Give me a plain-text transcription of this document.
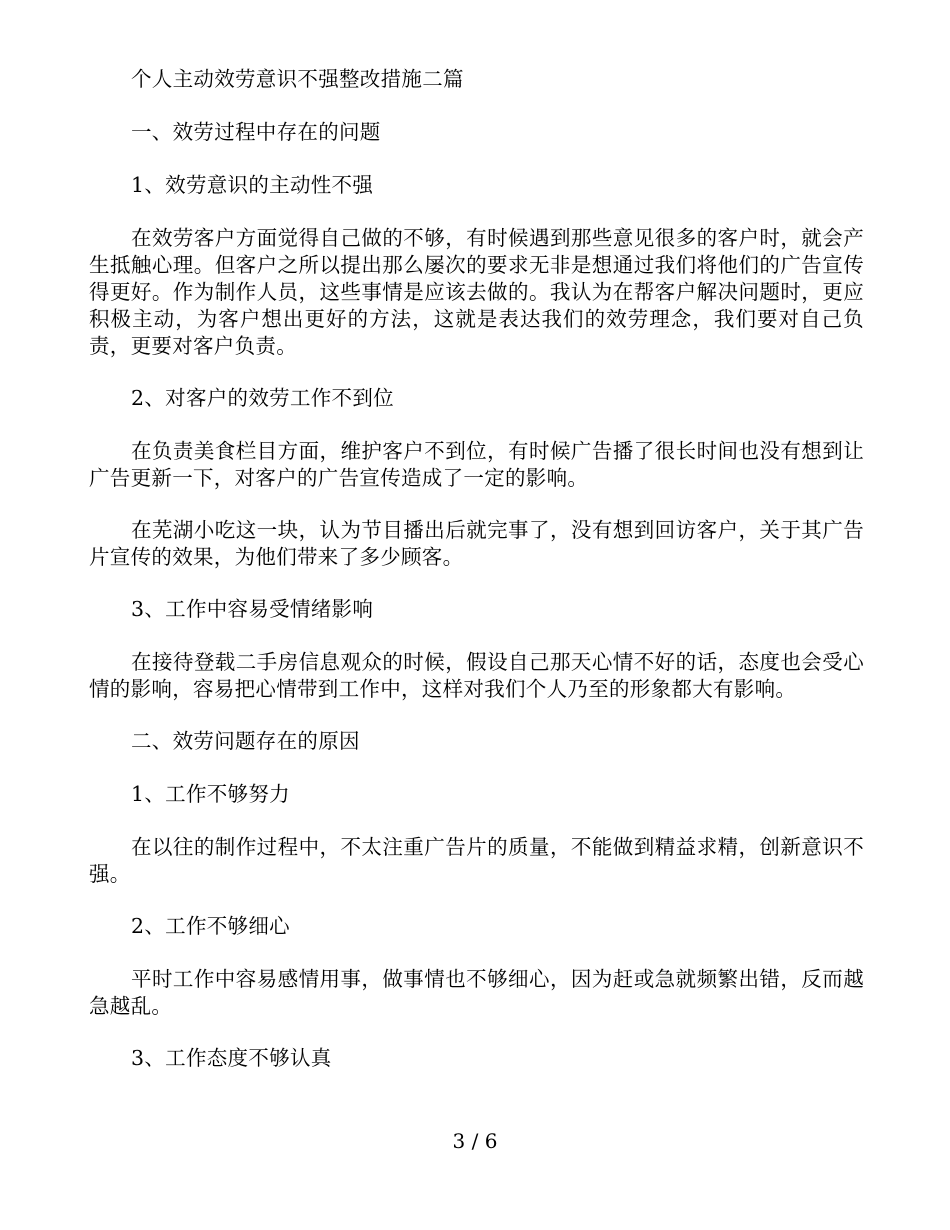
个人主动效劳意识不强整改措施二篇

一、效劳过程中存在的问题

1、效劳意识的主动性不强

在效劳客户方面觉得自己做的不够，有时候遇到那些意见很多的客户时，就会产生抵触心理。但客户之所以提出那么屡次的要求无非是想通过我们将他们的广告宣传得更好。作为制作人员，这些事情是应该去做的。我认为在帮客户解决问题时，更应积极主动，为客户想出更好的方法，这就是表达我们的效劳理念，我们要对自己负责，更要对客户负责。

2、对客户的效劳工作不到位

在负责美食栏目方面，维护客户不到位，有时候广告播了很长时间也没有想到让广告更新一下，对客户的广告宣传造成了一定的影响。

在芜湖小吃这一块，认为节目播出后就完事了，没有想到回访客户，关于其广告片宣传的效果，为他们带来了多少顾客。

3、工作中容易受情绪影响

在接待登载二手房信息观众的时候，假设自己那天心情不好的话，态度也会受心情的影响，容易把心情带到工作中，这样对我们个人乃至的形象都大有影响。

二、效劳问题存在的原因

1、工作不够努力

在以往的制作过程中，不太注重广告片的质量，不能做到精益求精，创新意识不强。

2、工作不够细心

平时工作中容易感情用事，做事情也不够细心，因为赶或急就频繁出错，反而越急越乱。

3、工作态度不够认真

3 / 6
